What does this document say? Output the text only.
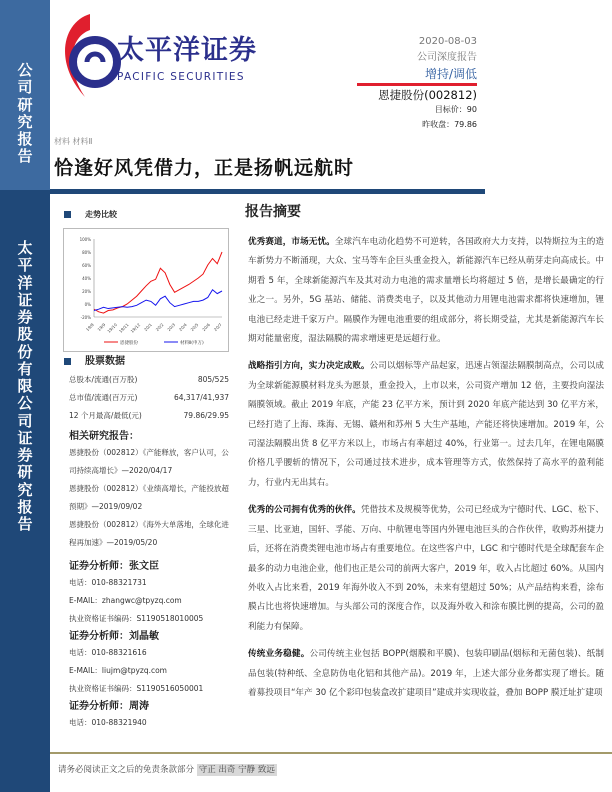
公
司
研
究
报
告
太
平
洋
证
券
股
份
有
限
公
司
证
券
研
究
报
告
太平洋证券
PACIFIC SECURITIES
2020-08-03
公司深度报告
增持/调低
恩捷股份(002812)
目标价：90
昨收盘：79.86
材料 材料Ⅱ
恰逢好风凭借力，正是扬帆远航时
走势比较
-20%
0%
20%
40%
60%
80%
100%
19/8 19/9 19/10 19/11 19/12 20/1 20/2 20/3 20/4 20/5 20/6 20/7
恩捷股份	材料Ⅱ(申万)
股票数据
总股本/流通(百万股)	805/525
总市值/流通(百万元)	64,317/41,937
12 个月最高/最低(元)	79.86/29.95
相关研究报告：
恩捷股份（002812）《产能释放，客户认可，公司持续高增长》—2020/04/17
恩捷股份（002812）《业绩高增长，产能投放超预期》—2019/09/02
恩捷股份（002812）《海外大单落地，全球化进程再加速》—2019/05/20
证券分析师：张文臣
电话：010-88321731
E-MAIL：zhangwc@tpyzq.com
执业资格证书编码：S1190518010005
证券分析师：刘晶敏
电话：010-88321616
E-MAIL：liujm@tpyzq.com
执业资格证书编码：S1190516050001
证券分析师：周涛
电话：010-88321940
报告摘要
优秀赛道，市场无忧。全球汽车电动化趋势不可逆转，各国政府大力支持，以特斯拉为主的造车新势力不断涌现，大众、宝马等车企巨头重金投入，新能源汽车已经从萌芽走向高成长。中期看 5 年，全球新能源汽车及其对动力电池的需求量增长均将超过 5 倍，是增长最确定的行业之一。另外，5G 基站、储能、消费类电子，以及其他动力用锂电池需求都将快速增加，锂电池已经走进千家万户。隔膜作为锂电池重要的组成部分，将长期受益，尤其是新能源汽车长期对能量密度，湿法隔膜的需求增速更是远超行业。
战略指引方向，实力决定成败。公司以烟标等产品起家，迅速占领湿法隔膜制高点，公司以成为全球新能源膜材料龙头为愿景，重金投入，上市以来，公司资产增加 12 倍，主要投向湿法隔膜领域。截止 2019 年底，产能 23 亿平方米，预计到 2020 年底产能达到 30 亿平方米，已经打造了上海、珠海、无锡、赣州和苏州 5 大生产基地，产能还将快速增加。2019 年，公司湿法隔膜出货 8 亿平方米以上，市场占有率超过 40%，行业第一。过去几年，在锂电隔膜价格几乎腰斩的情况下，公司通过技术进步，成本管理等方式，依然保持了高水平的盈利能力，行业内无出其右。
优秀的公司拥有优秀的伙伴。凭借技术及规模等优势，公司已经成为宁德时代、LGC、松下、三星、比亚迪，国轩、孚能、万向、中航锂电等国内外锂电池巨头的合作伙伴，收购苏州捷力后，还将在消费类锂电池市场占有重要地位。在这些客户中，LGC 和宁德时代是全球配套车企最多的动力电池企业，他们也正是公司的前两大客户，2019 年，收入占比超过 60%。从国内外收入占比来看，2019 年海外收入不到 20%，未来有望超过 50%；从产品结构来看，涂布膜占比也将快速增加。与头部公司的深度合作，以及海外收入和涂布膜比例的提高，公司的盈利能力有保障。
传统业务稳健。公司传统主业包括 BOPP(烟膜和平膜)、包装印刷品(烟标和无菌包装)、纸制品包装(特种纸、全息防伪电化铝和其他产品)。2019 年，上述大部分业务都实现了增长。随着募投项目“年产 30 亿个彩印包装盒改扩建项目”建成并实现收益，叠加 BOPP 膜迁址扩建项
请务必阅读正文之后的免责条款部分 守正 出奇 宁静 致远
